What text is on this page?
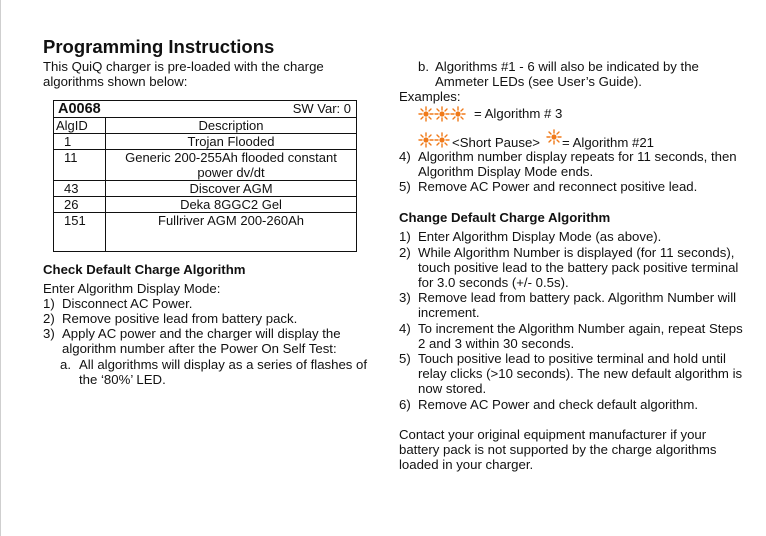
Programming Instructions

This QuiQ charger is pre-loaded with the charge algorithms shown below:

A0068 SW Var: 0	

AlgID	Description
1	Trojan Flooded
11	Generic 200-255Ah flooded constant power dv/dt
43	Discover AGM
26	Deka 8GGC2 Gel
151	Fullriver AGM 200-260Ah
Check Default Charge Algorithm

Enter Algorithm Display Mode:

1) Disconnect AC Power.
2) Remove positive lead from battery pack.
3) Apply AC power and the charger will display the algorithm number after the Power On Self Test:
a. All algorithms will display as a series of flashes of the ‘80%’ LED.
b. Algorithms #1 - 6 will also be indicated by the Ammeter LEDs (see User’s Guide).

Examples:

= Algorithm # 3
<Short Pause> = Algorithm #21
4) Algorithm number display repeats for 11 seconds, then Algorithm Display Mode ends.
5) Remove AC Power and reconnect positive lead.
Change Default Charge Algorithm
1) Enter Algorithm Display Mode (as above).
2) While Algorithm Number is displayed (for 11 seconds), touch positive lead to the battery pack positive terminal for 3.0 seconds (+/- 0.5s).
3) Remove lead from battery pack. Algorithm Number will increment.
4) To increment the Algorithm Number again, repeat Steps 2 and 3 within 30 seconds.
5) Touch positive lead to positive terminal and hold until relay clicks (>10 seconds). The new default algorithm is now stored.
6) Remove AC Power and check default algorithm.

Contact your original equipment manufacturer if your battery pack is not supported by the charge algorithms loaded in your charger.
